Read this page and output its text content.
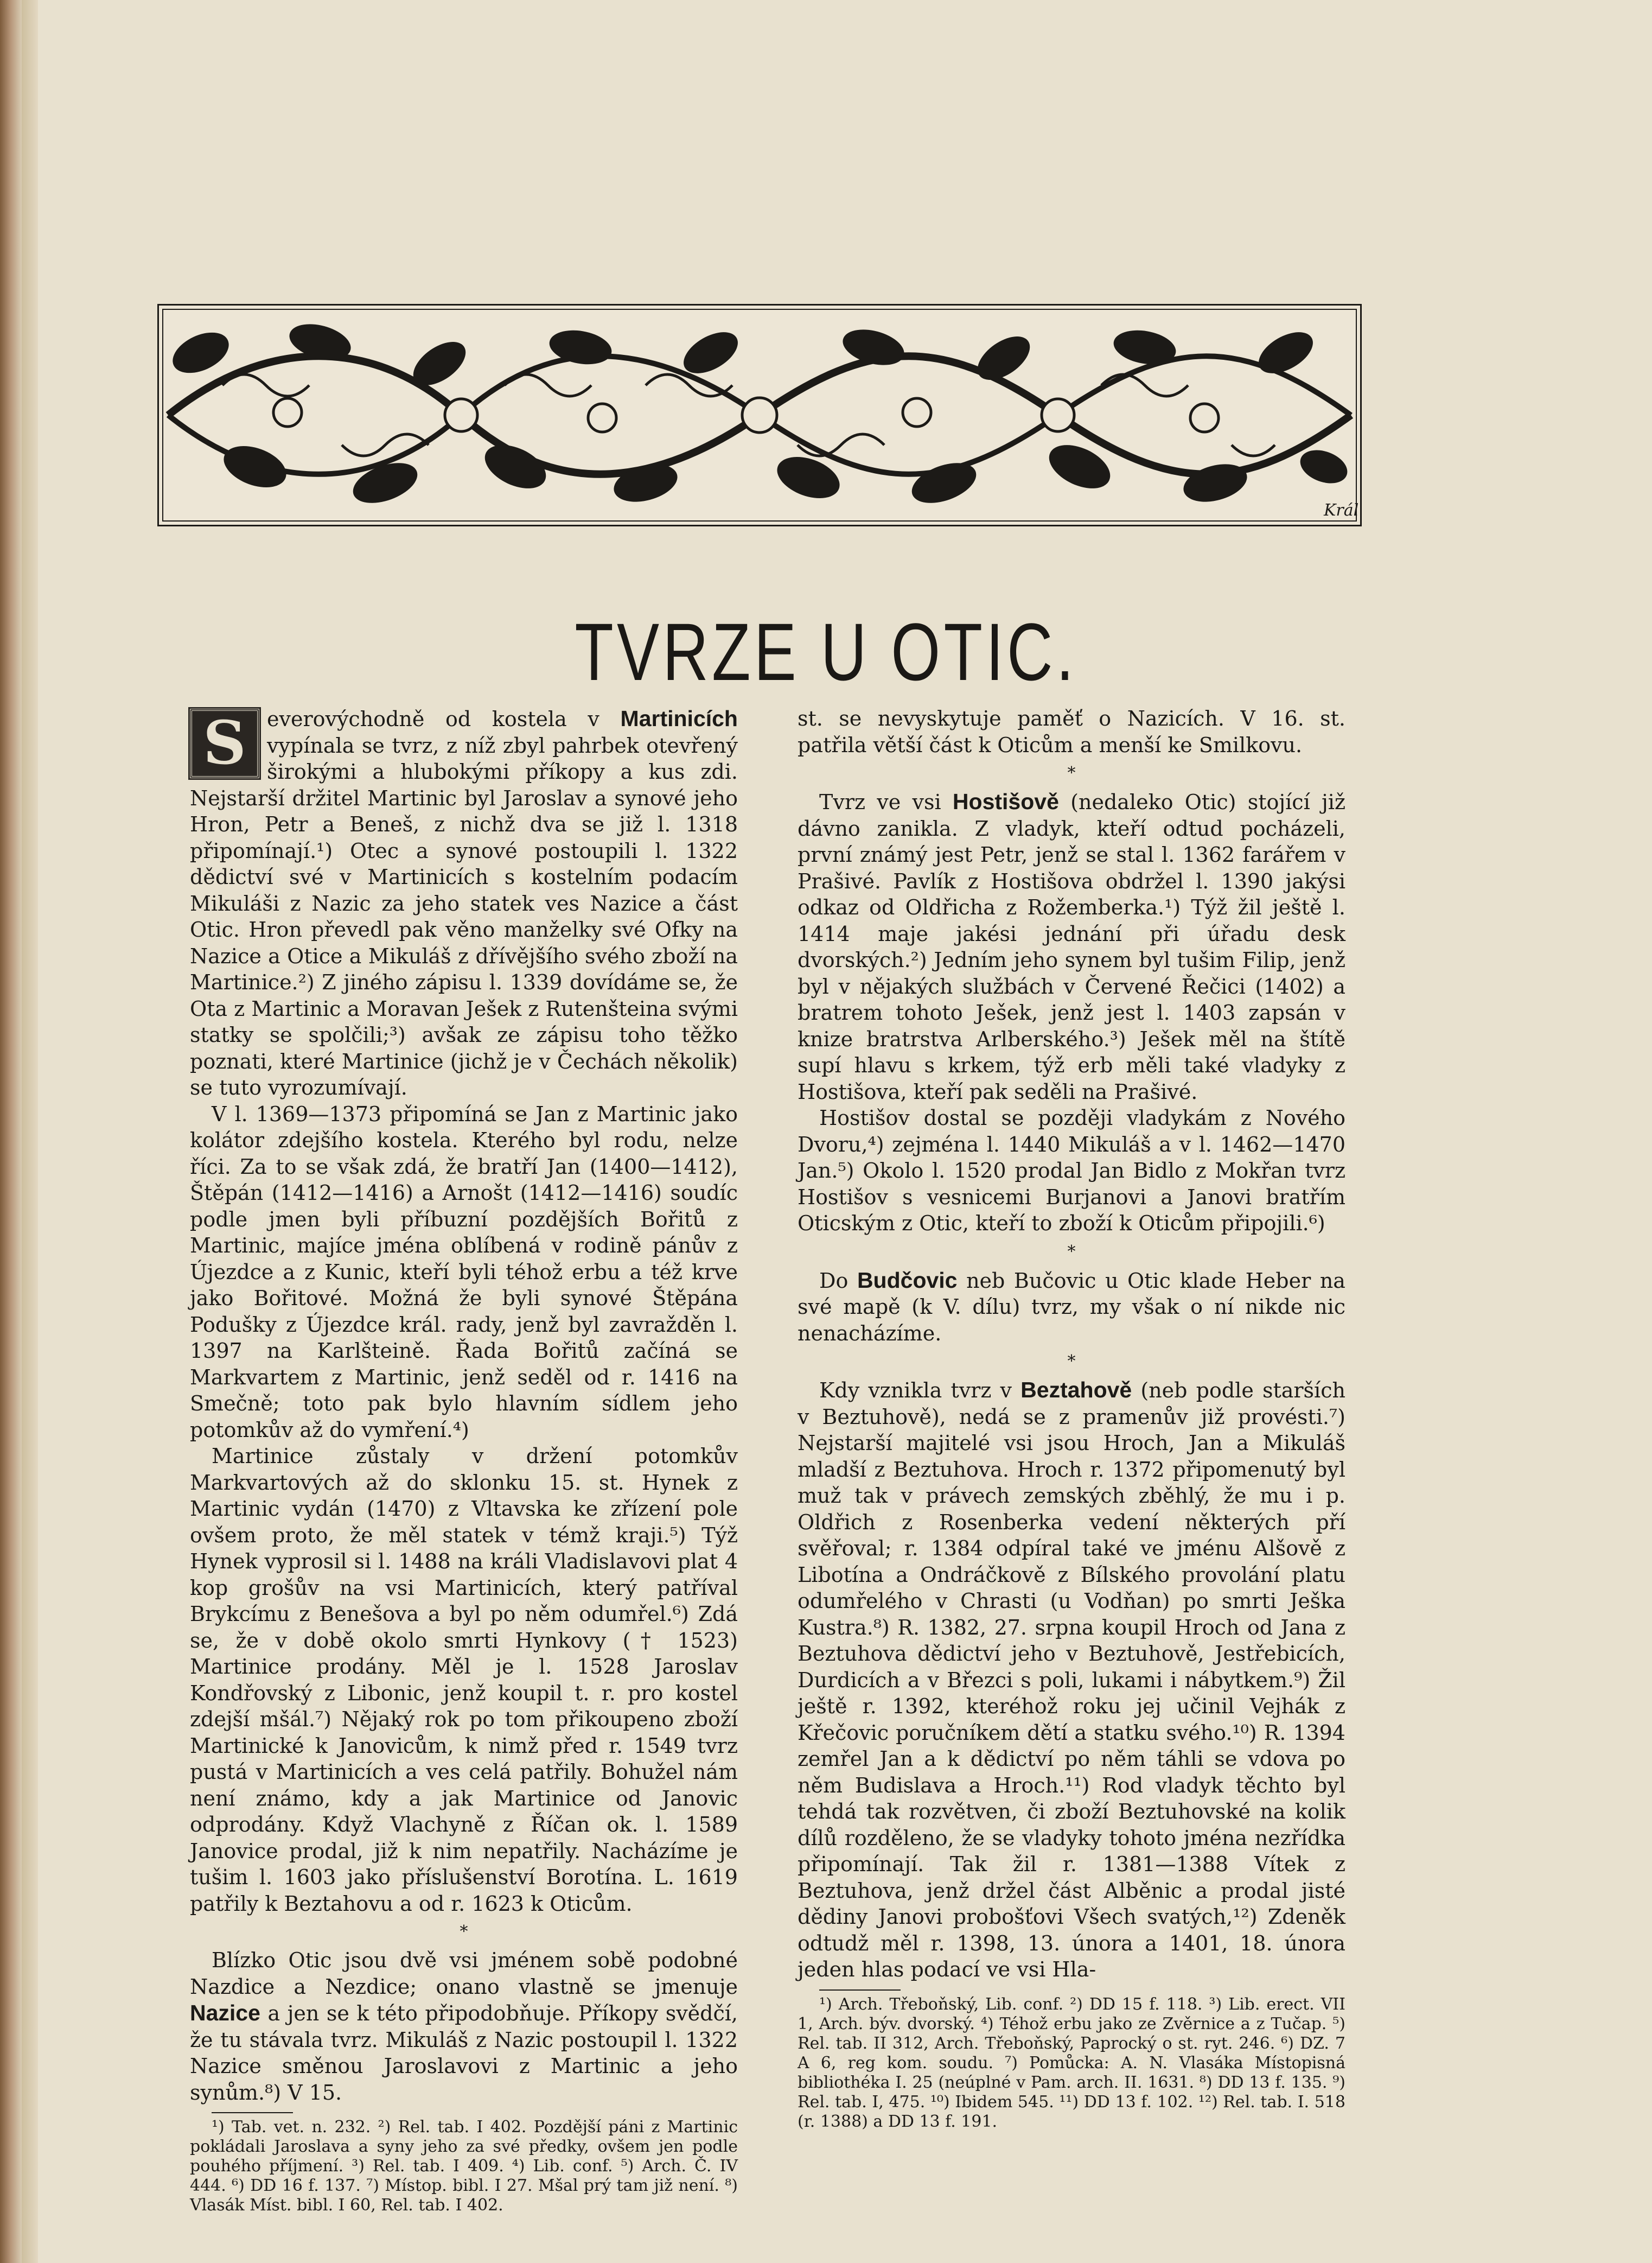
Král
TVRZE U OTIC.

S	everovýchodně od kostela v Martinicích vypínala se tvrz, z níž zbyl pahrbek otevřený širokými a hlubokými příkopy a kus zdi. Nejstarší držitel Martinic byl Jaroslav a synové jeho Hron, Petr a Beneš, z nichž dva se již l. 1318 připomínají.¹) Otec a synové postoupili l. 1322 dědictví své v Martinicích s kostelním podacím Mikuláši z Nazic za jeho statek ves Nazice a část Otic. Hron převedl pak věno manželky své Ofky na Nazice a Otice a Mikuláš z dřívějšího svého zboží na Martinice.²) Z jiného zápisu l. 1339 dovídáme se, že Ota z Martinic a Moravan Ješek z Rutenšteina svými statky se spolčili;³) avšak ze zápisu toho těžko poznati, které Martinice (jichž je v Čechách několik) se tuto vyrozumívají.

V l. 1369—1373 připomíná se Jan z Martinic jako kolátor zdejšího kostela. Kterého byl rodu, nelze říci. Za to se však zdá, že bratří Jan (1400—1412), Štěpán (1412—1416) a Arnošt (1412—1416) soudíc podle jmen byli příbuzní pozdějších Bořitů z Martinic, majíce jména oblíbená v rodině pánův z Újezdce a z Kunic, kteří byli téhož erbu a též krve jako Bořitové. Možná že byli synové Štěpána Podušky z Újezdce král. rady, jenž byl zavražděn l. 1397 na Karlšteině. Řada Bořitů začíná se Markvartem z Martinic, jenž seděl od r. 1416 na Smečně; toto pak bylo hlavním sídlem jeho potomkův až do vymření.⁴)

Martinice zůstaly v držení potomkův Markvartových až do sklonku 15. st. Hynek z Martinic vydán (1470) z Vltavska ke zřízení pole ovšem proto, že měl statek v témž kraji.⁵) Týž Hynek vyprosil si l. 1488 na králi Vladislavovi plat 4 kop grošův na vsi Martinicích, který patříval Brykcímu z Benešova a byl po něm odumřel.⁶) Zdá se, že v době okolo smrti Hynkovy († 1523) Martinice prodány. Měl je l. 1528 Jaroslav Kondřovský z Libonic, jenž koupil t. r. pro kostel zdejší mšál.⁷) Nějaký rok po tom přikoupeno zboží Martinické k Janovicům, k nimž před r. 1549 tvrz pustá v Martinicích a ves celá patřily. Bohužel nám není známo, kdy a jak Martinice od Janovic odprodány. Když Vlachyně z Říčan ok. l. 1589 Janovice prodal, již k nim nepatřily. Nacházíme je tušim l. 1603 jako příslušenství Borotína. L. 1619 patřily k Beztahovu a od r. 1623 k Oticům.

*

Blízko Otic jsou dvě vsi jménem sobě podobné Nazdice a Nezdice; onano vlastně se jmenuje Nazice a jen se k této připodobňuje. Příkopy svědčí, že tu stávala tvrz. Mikuláš z Nazic postoupil l. 1322 Nazice směnou Jaroslavovi z Martinic a jeho synům.⁸) V 15.

¹) Tab. vet. n. 232. ²) Rel. tab. I 402. Pozdější páni z Martinic pokládali Jaroslava a syny jeho za své předky, ovšem jen podle pouhého příjmení. ³) Rel. tab. I 409. ⁴) Lib. conf. ⁵) Arch. Č. IV 444. ⁶) DD 16 f. 137. ⁷) Místop. bibl. I 27. Mšal prý tam již není. ⁸) Vlasák Míst. bibl. I 60, Rel. tab. I 402.

st. se nevyskytuje paměť o Nazicích. V 16. st. patřila větší část k Oticům a menší ke Smilkovu.

*

Tvrz ve vsi Hostišově (nedaleko Otic) stojící již dávno zanikla. Z vladyk, kteří odtud pocházeli, první známý jest Petr, jenž se stal l. 1362 farářem v Prašivé. Pavlík z Hostišova obdržel l. 1390 jakýsi odkaz od Oldřicha z Rožemberka.¹) Týž žil ještě l. 1414 maje jakési jednání při úřadu desk dvorských.²) Jedním jeho synem byl tušim Filip, jenž byl v nějakých službách v Červené Řečici (1402) a bratrem tohoto Ješek, jenž jest l. 1403 zapsán v knize bratrstva Arlberského.³) Ješek měl na štítě supí hlavu s krkem, týž erb měli také vladyky z Hostišova, kteří pak seděli na Prašivé.

Hostišov dostal se později vladykám z Nového Dvoru,⁴) zejména l. 1440 Mikuláš a v l. 1462—1470 Jan.⁵) Okolo l. 1520 prodal Jan Bidlo z Mokřan tvrz Hostišov s vesnicemi Burjanovi a Janovi bratřím Oticským z Otic, kteří to zboží k Oticům připojili.⁶)

*

Do Budčovic neb Bučovic u Otic klade Heber na své mapě (k V. dílu) tvrz, my však o ní nikde nic nenacházíme.

*

Kdy vznikla tvrz v Beztahově (neb podle starších v Beztuhově), nedá se z pramenův již provésti.⁷) Nejstarší majitelé vsi jsou Hroch, Jan a Mikuláš mladší z Beztuhova. Hroch r. 1372 připomenutý byl muž tak v právech zemských zběhlý, že mu i p. Oldřich z Rosenberka vedení některých pří svěřoval; r. 1384 odpíral také ve jménu Alšově z Libotína a Ondráčkově z Bílského provolání platu odumřelého v Chrasti (u Vodňan) po smrti Ješka Kustra.⁸) R. 1382, 27. srpna koupil Hroch od Jana z Beztuhova dědictví jeho v Beztuhově, Jestřebicích, Durdicích a v Březci s poli, lukami i nábytkem.⁹) Žil ještě r. 1392, kteréhož roku jej učinil Vejhák z Křečovic poručníkem dětí a statku svého.¹⁰) R. 1394 zemřel Jan a k dědictví po něm táhli se vdova po něm Budislava a Hroch.¹¹) Rod vladyk těchto byl tehdá tak rozvětven, či zboží Beztuhovské na kolik dílů rozděleno, že se vladyky tohoto jména nezřídka připomínají. Tak žil r. 1381—1388 Vítek z Beztuhova, jenž držel část Alběnic a prodal jisté dědiny Janovi probošťovi Všech svatých,¹²) Zdeněk odtudž měl r. 1398, 13. února a 1401, 18. února jeden hlas podací ve vsi Hla-

¹) Arch. Třeboňský, Lib. conf. ²) DD 15 f. 118. ³) Lib. erect. VII 1, Arch. býv. dvorský. ⁴) Téhož erbu jako ze Zvěrnice a z Tučap. ⁵) Rel. tab. II 312, Arch. Třeboňský, Paprocký o st. ryt. 246. ⁶) DZ. 7 A 6, reg kom. soudu. ⁷) Pomůcka: A. N. Vlasáka Místopisná bibliothéka I. 25 (neúplné v Pam. arch. II. 1631. ⁸) DD 13 f. 135. ⁹) Rel. tab. I, 475. ¹⁰) Ibidem 545. ¹¹) DD 13 f. 102. ¹²) Rel. tab. I. 518 (r. 1388) a DD 13 f. 191.
